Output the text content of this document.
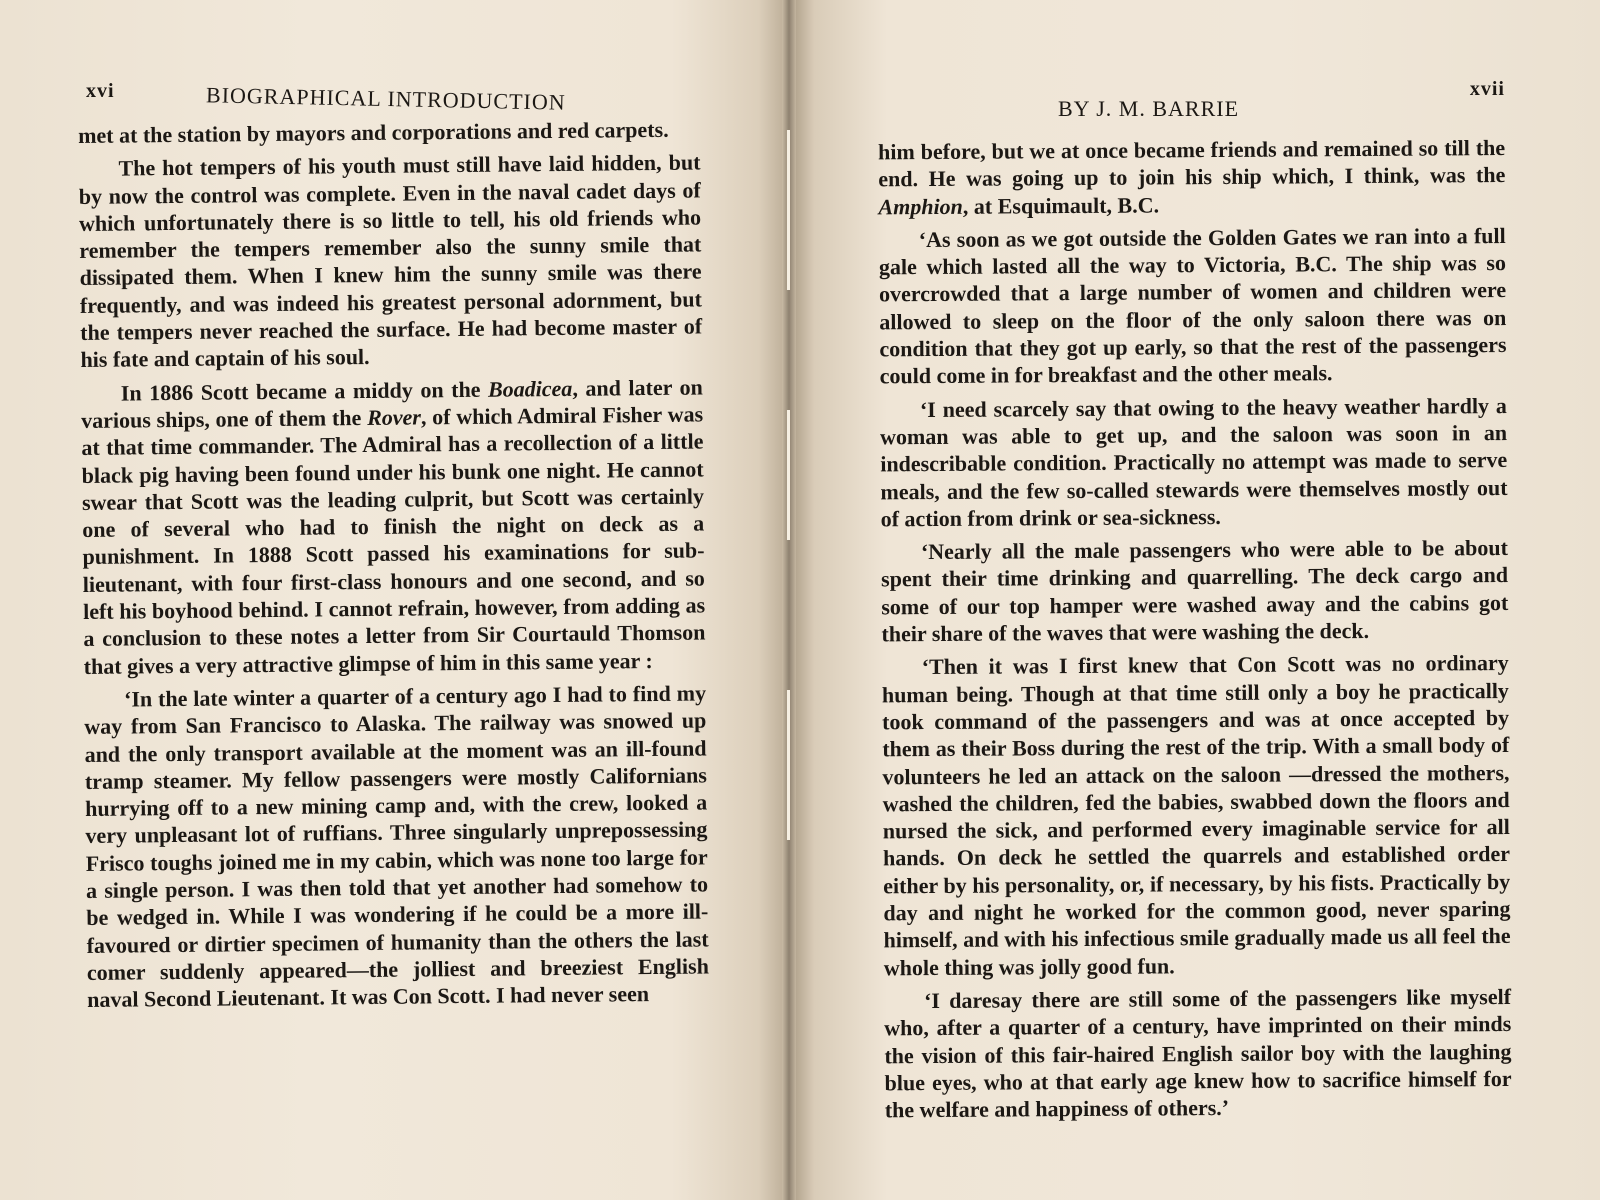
xvi	BIOGRAPHICAL INTRODUCTION

met at the station by mayors and corporations and red carpets.

The hot tempers of his youth must still have laid hidden, but by now the control was complete. Even in the naval cadet days of which unfortunately there is so little to tell, his old friends who remember the tempers remember also the sunny smile that dissipated them. When I knew him the sunny smile was there frequently, and was indeed his greatest personal adornment, but the tempers never reached the surface. He had become master of his fate and captain of his soul.

In 1886 Scott became a middy on the Boadicea, and later on various ships, one of them the Rover, of which Admiral Fisher was at that time commander. The Admiral has a recollection of a little black pig having been found under his bunk one night. He cannot swear that Scott was the leading culprit, but Scott was certainly one of several who had to finish the night on deck as a punishment. In 1888 Scott passed his examinations for sub-lieutenant, with four first-class honours and one second, and so left his boyhood behind. I cannot refrain, however, from adding as a conclusion to these notes a letter from Sir Courtauld Thomson that gives a very attractive glimpse of him in this same year :

‘In the late winter a quarter of a century ago I had to find my way from San Francisco to Alaska. The railway was snowed up and the only transport available at the moment was an ill-found tramp steamer. My fellow passengers were mostly Californians hurrying off to a new mining camp and, with the crew, looked a very unpleasant lot of ruffians. Three singularly unprepossessing Frisco toughs joined me in my cabin, which was none too large for a single person. I was then told that yet another had somehow to be wedged in. While I was wondering if he could be a more ill-favoured or dirtier specimen of humanity than the others the last comer suddenly appeared—the jolliest and breeziest English naval Second Lieutenant. It was Con Scott. I had never seen

BY J. M. BARRIE
xvii

him before, but we at once became friends and remained so till the end. He was going up to join his ship which, I think, was the Amphion, at Esquimault, B.C.

‘As soon as we got outside the Golden Gates we ran into a full gale which lasted all the way to Victoria, B.C. The ship was so overcrowded that a large number of women and children were allowed to sleep on the floor of the only saloon there was on condition that they got up early, so that the rest of the passengers could come in for breakfast and the other meals.

‘I need scarcely say that owing to the heavy weather hardly a woman was able to get up, and the saloon was soon in an indescribable condition. Practically no attempt was made to serve meals, and the few so-called stewards were themselves mostly out of action from drink or sea-sickness.

‘Nearly all the male passengers who were able to be about spent their time drinking and quarrelling. The deck cargo and some of our top hamper were washed away and the cabins got their share of the waves that were washing the deck.

‘Then it was I first knew that Con Scott was no ordinary human being. Though at that time still only a boy he practically took command of the passengers and was at once accepted by them as their Boss during the rest of the trip. With a small body of volunteers he led an attack on the saloon —dressed the mothers, washed the children, fed the babies, swabbed down the floors and nursed the sick, and performed every imaginable service for all hands. On deck he settled the quarrels and established order either by his personality, or, if necessary, by his fists. Practically by day and night he worked for the common good, never sparing himself, and with his infectious smile gradually made us all feel the whole thing was jolly good fun.

‘I daresay there are still some of the passengers like myself who, after a quarter of a century, have imprinted on their minds the vision of this fair-haired English sailor boy with the laughing blue eyes, who at that early age knew how to sacrifice himself for the welfare and happiness of others.’
